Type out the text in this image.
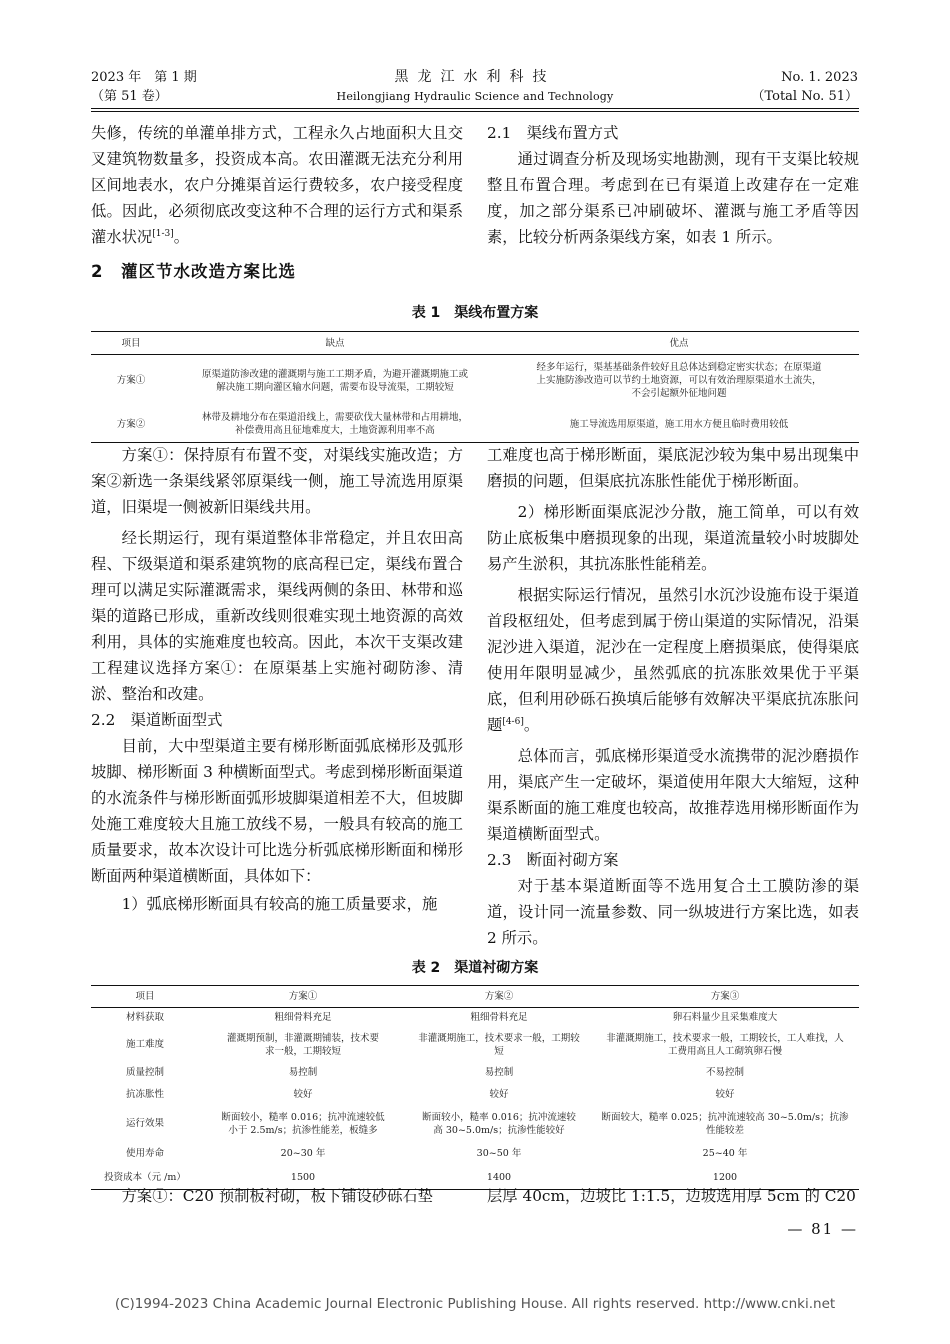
2023 年　第 1 期
（第 51 卷）
黑龙江水利科技
Heilongjiang Hydraulic Science and Technology
No. 1. 2023
（Total No. 51）

失修，传统的单灌单排方式，工程永久占地面积大且交叉建筑物数量多，投资成本高。农田灌溉无法充分利用区间地表水，农户分摊渠首运行费较多，农户接受程度低。因此，必须彻底改变这种不合理的运行方式和渠系灌水状况[1-3]。

2　灌区节水改造方案比选

2.1　渠线布置方式

通过调查分析及现场实地勘测，现有干支渠比较规整且布置合理。考虑到在已有渠道上改建存在一定难度，加之部分渠系已冲刷破坏、灌溉与施工矛盾等因素，比较分析两条渠线方案，如表 1 所示。

表 1　渠线布置方案
项目	缺点	优点
方案①	原渠道防渗改建的灌溉期与施工工期矛盾，为避开灌溉期施工或解决施工期向灌区输水问题，需要布设导流渠，工期较短	经多年运行，渠基基础条件较好且总体达到稳定密实状态；在原渠道上实施防渗改造可以节约土地资源，可以有效治理原渠道水土流失，不会引起额外征地问题
方案②	林带及耕地分布在渠道沿线上，需要砍伐大量林带和占用耕地，补偿费用高且征地难度大，土地资源利用率不高	施工导流选用原渠道，施工用水方便且临时费用较低

方案①：保持原有布置不变，对渠线实施改造；方案②新选一条渠线紧邻原渠线一侧，施工导流选用原渠道，旧渠堤一侧被新旧渠线共用。

经长期运行，现有渠道整体非常稳定，并且农田高程、下级渠道和渠系建筑物的底高程已定，渠线布置合理可以满足实际灌溉需求，渠线两侧的条田、林带和巡渠的道路已形成，重新改线则很难实现土地资源的高效利用，具体的实施难度也较高。因此，本次干支渠改建工程建议选择方案①：在原渠基上实施衬砌防渗、清淤、整治和改建。

2.2　渠道断面型式

目前，大中型渠道主要有梯形断面弧底梯形及弧形坡脚、梯形断面 3 种横断面型式。考虑到梯形断面渠道的水流条件与梯形断面弧形坡脚渠道相差不大，但坡脚处施工难度较大且施工放线不易，一般具有较高的施工质量要求，故本次设计可比选分析弧底梯形断面和梯形断面两种渠道横断面，具体如下：

1）弧底梯形断面具有较高的施工质量要求，施

工难度也高于梯形断面，渠底泥沙较为集中易出现集中磨损的问题，但渠底抗冻胀性能优于梯形断面。

2）梯形断面渠底泥沙分散，施工简单，可以有效防止底板集中磨损现象的出现，渠道流量较小时坡脚处易产生淤积，其抗冻胀性能稍差。

根据实际运行情况，虽然引水沉沙设施布设于渠道首段枢纽处，但考虑到属于傍山渠道的实际情况，沿渠泥沙进入渠道，泥沙在一定程度上磨损渠底，使得渠底使用年限明显减少，虽然弧底的抗冻胀效果优于平渠底，但利用砂砾石换填后能够有效解决平渠底抗冻胀问题[4-6]。

总体而言，弧底梯形渠道受水流携带的泥沙磨损作用，渠底产生一定破坏，渠道使用年限大大缩短，这种渠系断面的施工难度也较高，故推荐选用梯形断面作为渠道横断面型式。

2.3　断面衬砌方案

对于基本渠道断面等不选用复合土工膜防渗的渠道，设计同一流量参数、同一纵坡进行方案比选，如表 2 所示。

表 2　渠道衬砌方案
项目	方案①	方案②	方案③
材料获取	粗细骨料充足	粗细骨料充足	卵石料量少且采集难度大
施工难度	灌溉期预制，非灌溉期铺装，技术要求一般，工期较短	非灌溉期施工，技术要求一般，工期较短	非灌溉期施工，技术要求一般，工期较长，工人难找，人工费用高且人工砌筑卵石慢
质量控制	易控制	易控制	不易控制
抗冻胀性	较好	较好	较好
运行效果	断面较小，糙率 0.016；抗冲流速较低小于 2.5m/s；抗渗性能差，板缝多	断面较小，糙率 0.016；抗冲流速较高 30~5.0m/s；抗渗性能较好	断面较大，糙率 0.025；抗冲流速较高 30~5.0m/s；抗渗性能较差
使用寿命	20~30 年	30~50 年	25~40 年
投资成本（元 /m）	1500	1400	1200

方案①：C20 预制板衬砌，板下铺设砂砾石垫	层厚 40cm，边坡比 1:1.5，边坡选用厚 5cm 的 C20

— 81 —
(C)1994-2023 China Academic Journal Electronic Publishing House. All rights reserved. http://www.cnki.net
